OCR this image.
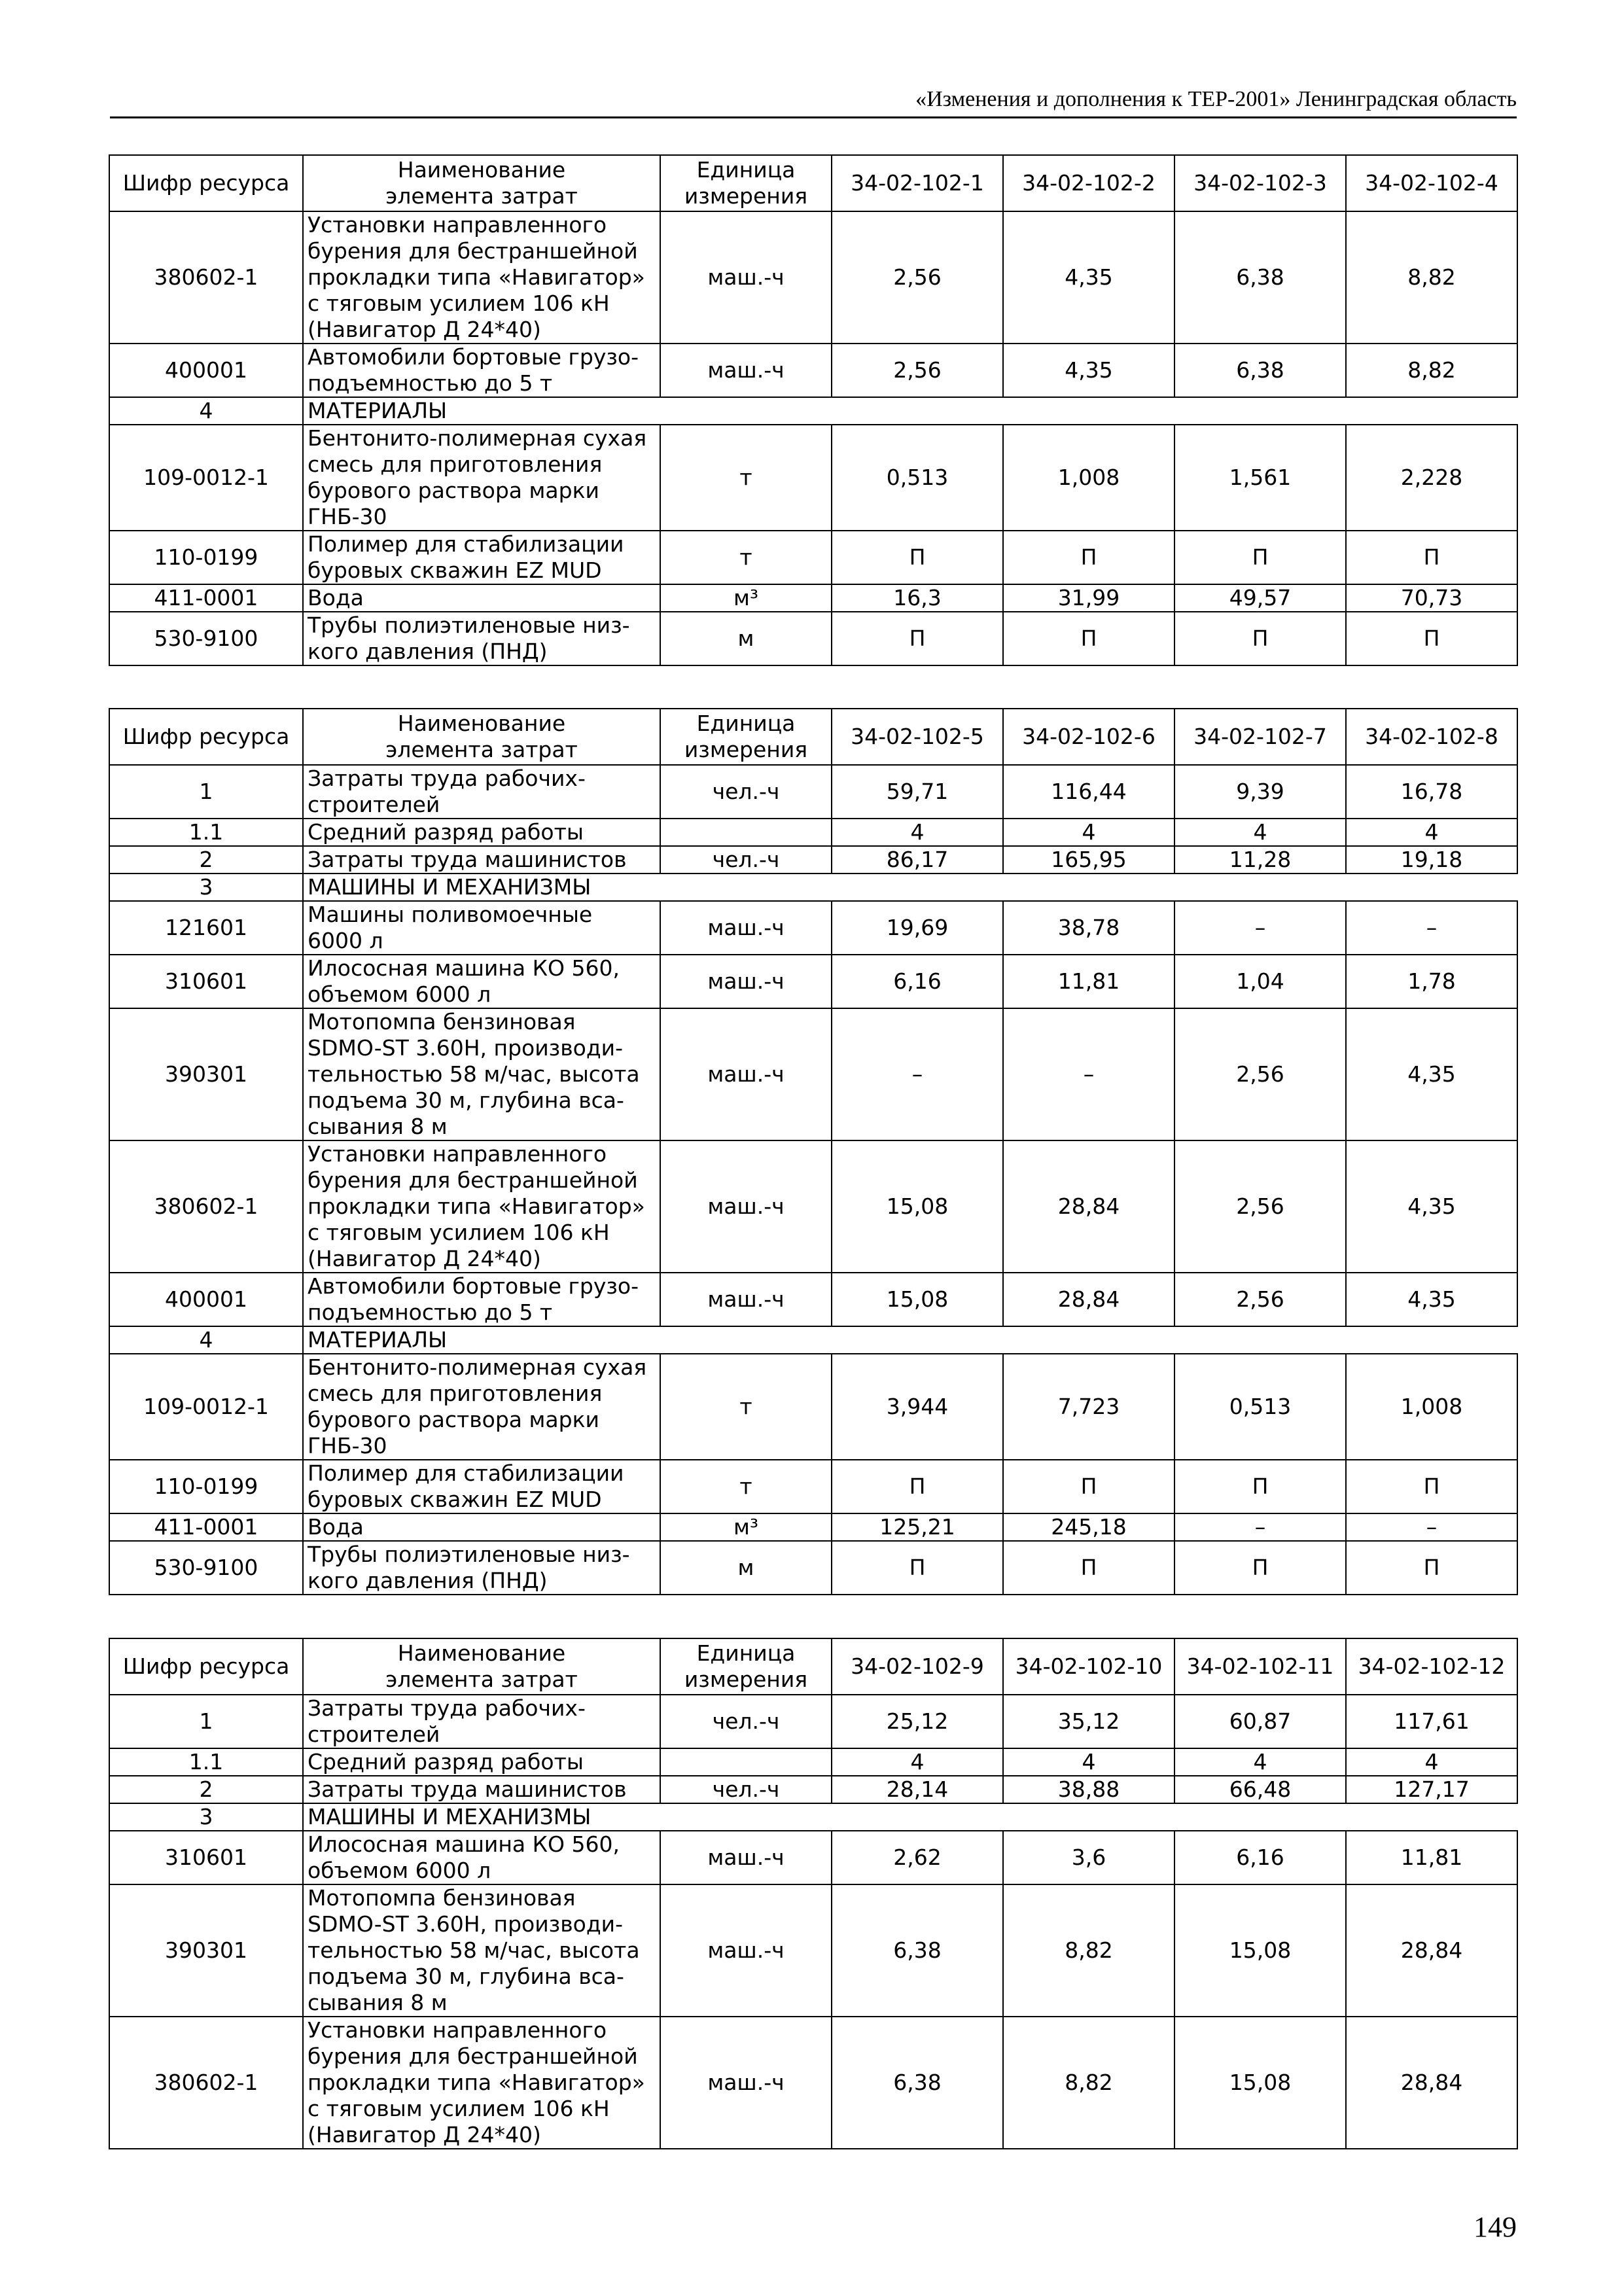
«Изменения и дополнения к ТЕР-2001» Ленинградская область
Шифр ресурса	Наименование
элемента затрат	Единица
измерения	34-02-102-1	34-02-102-2	34-02-102-3	34-02-102-4
380602-1	Установки направленного
бурения для бестраншейной
прокладки типа «Навигатор»
с тяговым усилием 106 кН
(Навигатор Д 24*40)	маш.-ч	2,56	4,35	6,38	8,82
400001	Автомобили бортовые грузо-
подъемностью до 5 т	маш.-ч	2,56	4,35	6,38	8,82
4	МАТЕРИАЛЫ					
109-0012-1	Бентонито-полимерная сухая
смесь для приготовления
бурового раствора марки
ГНБ-30	т	0,513	1,008	1,561	2,228
110-0199	Полимер для стабилизации
буровых скважин EZ MUD	т	П	П	П	П
411-0001	Вода	м³	16,3	31,99	49,57	70,73
530-9100	Трубы полиэтиленовые низ-
кого давления (ПНД)	м	П	П	П	П
Шифр ресурса	Наименование
элемента затрат	Единица
измерения	34-02-102-5	34-02-102-6	34-02-102-7	34-02-102-8
1	Затраты труда рабочих-
строителей	чел.-ч	59,71	116,44	9,39	16,78
1.1	Средний разряд работы		4	4	4	4
2	Затраты труда машинистов	чел.-ч	86,17	165,95	11,28	19,18
3	МАШИНЫ И МЕХАНИЗМЫ					
121601	Машины поливомоечные
6000 л	маш.-ч	19,69	38,78	–	–
310601	Илососная машина КО 560,
объемом 6000 л	маш.-ч	6,16	11,81	1,04	1,78
390301	Мотопомпа бензиновая
SDMO-ST 3.60H, производи-
тельностью 58 м/час, высота
подъема 30 м, глубина вса-
сывания 8 м	маш.-ч	–	–	2,56	4,35
380602-1	Установки направленного
бурения для бестраншейной
прокладки типа «Навигатор»
с тяговым усилием 106 кН
(Навигатор Д 24*40)	маш.-ч	15,08	28,84	2,56	4,35
400001	Автомобили бортовые грузо-
подъемностью до 5 т	маш.-ч	15,08	28,84	2,56	4,35
4	МАТЕРИАЛЫ					
109-0012-1	Бентонито-полимерная сухая
смесь для приготовления
бурового раствора марки
ГНБ-30	т	3,944	7,723	0,513	1,008
110-0199	Полимер для стабилизации
буровых скважин EZ MUD	т	П	П	П	П
411-0001	Вода	м³	125,21	245,18	–	–
530-9100	Трубы полиэтиленовые низ-
кого давления (ПНД)	м	П	П	П	П
Шифр ресурса	Наименование
элемента затрат	Единица
измерения	34-02-102-9	34-02-102-10	34-02-102-11	34-02-102-12
1	Затраты труда рабочих-
строителей	чел.-ч	25,12	35,12	60,87	117,61
1.1	Средний разряд работы		4	4	4	4
2	Затраты труда машинистов	чел.-ч	28,14	38,88	66,48	127,17
3	МАШИНЫ И МЕХАНИЗМЫ					
310601	Илососная машина КО 560,
объемом 6000 л	маш.-ч	2,62	3,6	6,16	11,81
390301	Мотопомпа бензиновая
SDMO-ST 3.60H, производи-
тельностью 58 м/час, высота
подъема 30 м, глубина вса-
сывания 8 м	маш.-ч	6,38	8,82	15,08	28,84
380602-1	Установки направленного
бурения для бестраншейной
прокладки типа «Навигатор»
с тяговым усилием 106 кН
(Навигатор Д 24*40)	маш.-ч	6,38	8,82	15,08	28,84
149
